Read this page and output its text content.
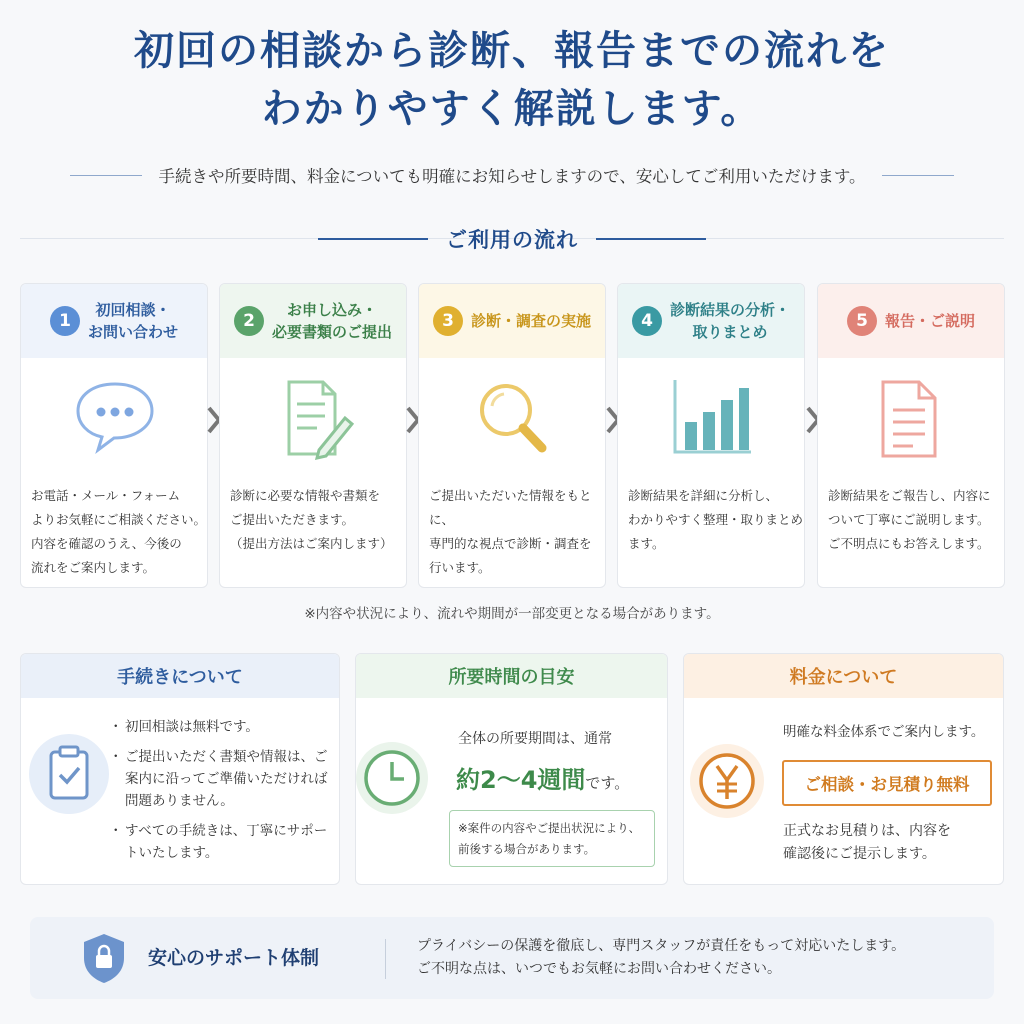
初回の相談から診断、報告までの流れを
わかりやすく解説します。
手続きや所要時間、料金についても明確にお知らせしますので、安心してご利用いただけます。
ご利用の流れ
1
初回相談・
お問い合わせ
お電話・メール・フォーム
よりお気軽にご相談ください。
内容を確認のうえ、今後の
流れをご案内します。
2
お申し込み・
必要書類のご提出
診断に必要な情報や書類を
ご提出いただきます。
（提出方法はご案内します）
3	診断・調査の実施
ご提出いただいた情報をもとに、
専門的な視点で診断・調査を
行います。
4
診断結果の分析・
取りまとめ
診断結果を詳細に分析し、
わかりやすく整理・取りまとめ
ます。
5	報告・ご説明
診断結果をご報告し、内容に
ついて丁寧にご説明します。
ご不明点にもお答えします。
※内容や状況により、流れや期間が一部変更となる場合があります。
手続きについて
・ 初回相談は無料です。
・ ご提出いただく書類や情報は、ご案内に沿ってご準備いただければ問題ありません。
・ すべての手続きは、丁寧にサポートいたします。
所要時間の目安
全体の所要期間は、通常
約2〜4週間です。
※案件の内容やご提出状況により、
前後する場合があります。
料金について
明確な料金体系でご案内します。
ご相談・お見積り無料
正式なお見積りは、内容を
確認後にご提示します。
安心のサポート体制
プライバシーの保護を徹底し、専門スタッフが責任をもって対応いたします。
ご不明な点は、いつでもお気軽にお問い合わせください。
